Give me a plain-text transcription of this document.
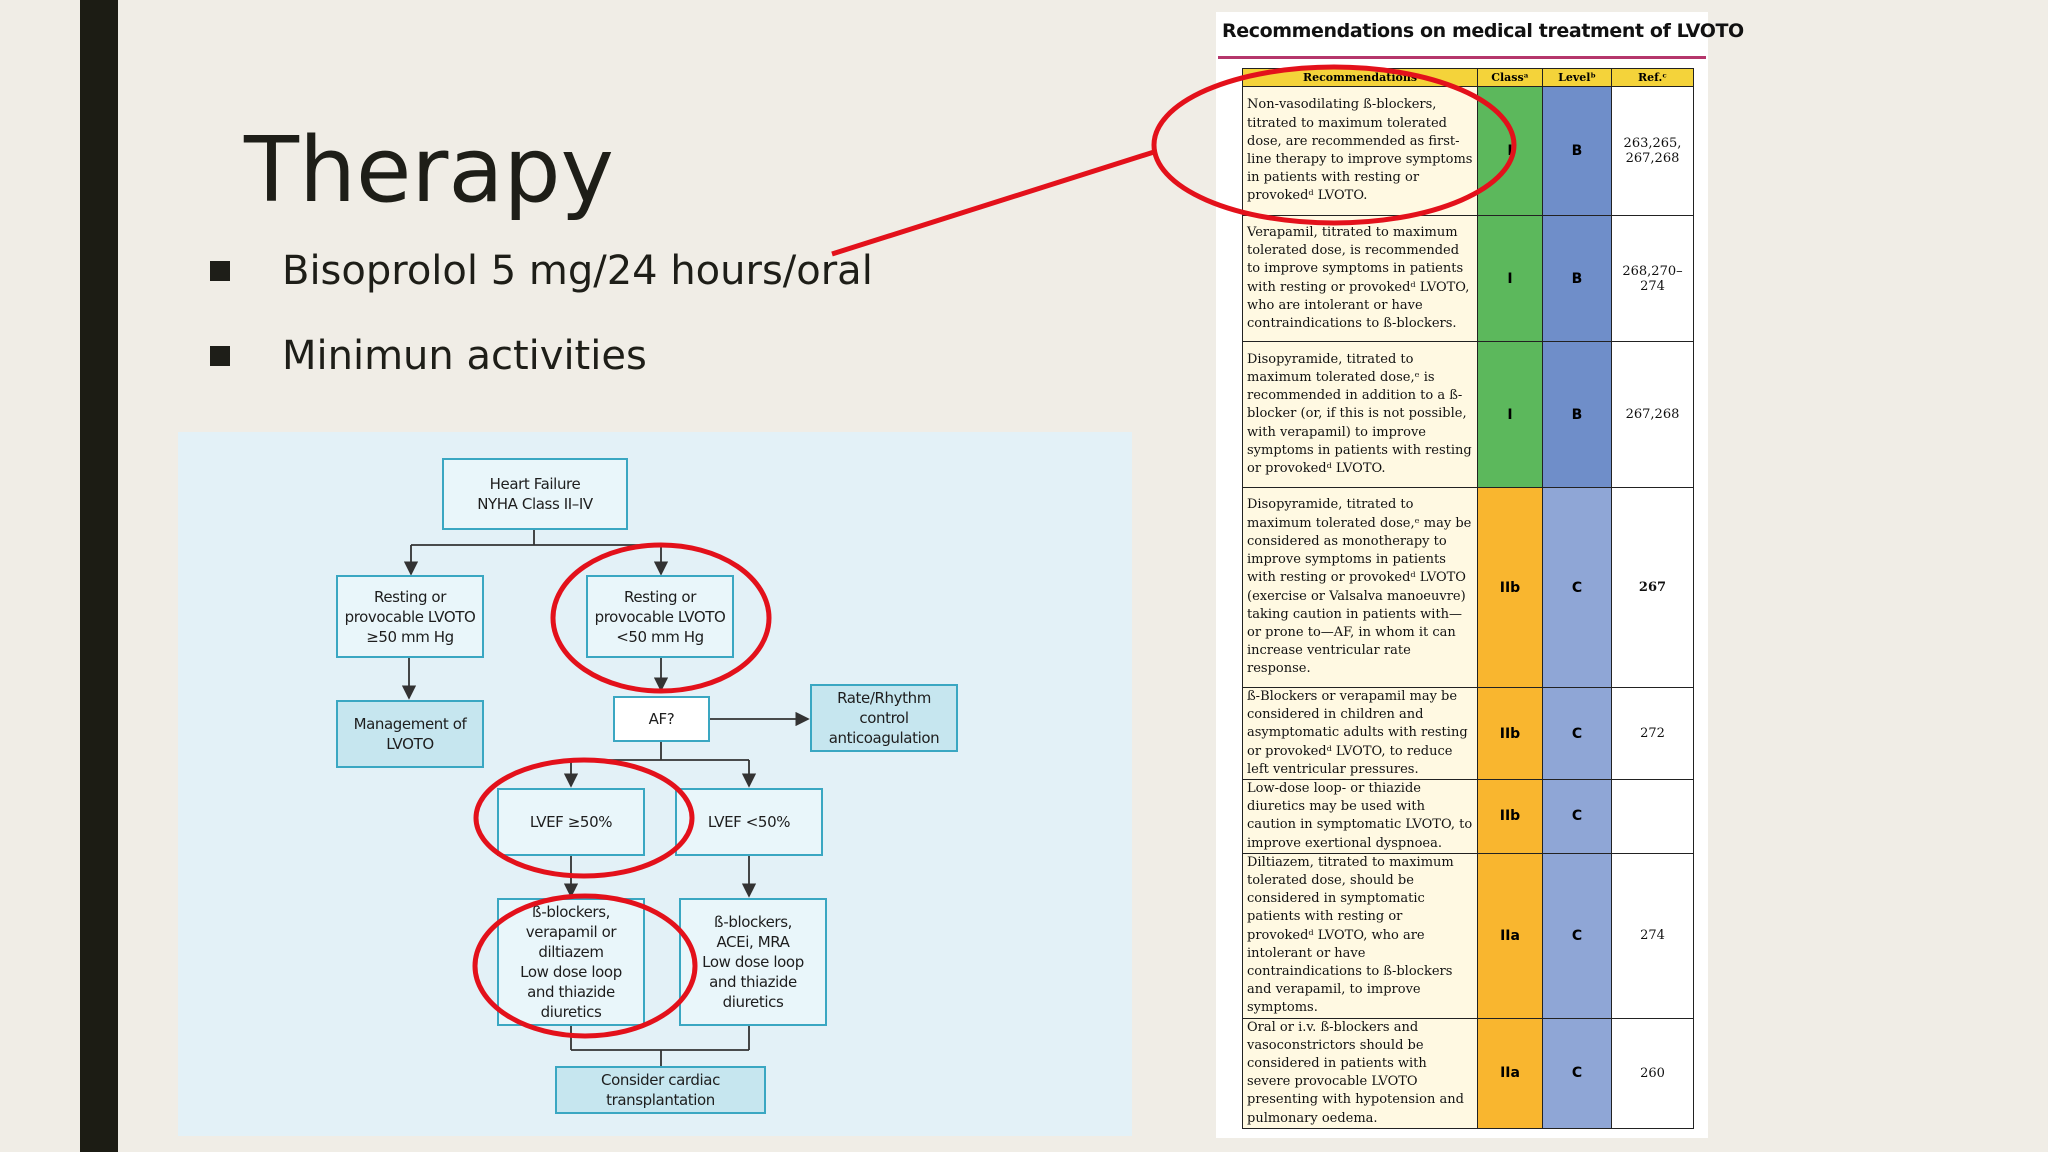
Therapy
Bisoprolol 5 mg/24 hours/oral
Minimun activities
Heart Failure
NYHA Class II–IV
Resting or
provocable LVOTO
≥50 mm Hg
Resting or
provocable LVOTO
<50 mm Hg
Management of
LVOTO
AF?
Rate/Rhythm
control
anticoagulation
LVEF ≥50%	LVEF <50%
ß-blockers,
verapamil or
diltiazem
Low dose loop
and thiazide
diuretics
ß-blockers,
ACEi, MRA
Low dose loop
and thiazide
diuretics
Consider cardiac
transplantation
Recommendations on medical treatment of LVOTO
Recommendations	Classᵃ	Levelᵇ	Ref.ᶜ
Non-vasodilating ß-blockers, titrated to maximum tolerated dose, are recommended as first-line therapy to improve symptoms in patients with resting or provokedᵈ LVOTO.	I	B	263,265,
267,268
Verapamil, titrated to maximum tolerated dose, is recommended to improve symptoms in patients with resting or provokedᵈ LVOTO, who are intolerant or have contraindications to ß-blockers.	I	B	268,270–274
Disopyramide, titrated to maximum tolerated dose,ᵉ is recommended in addition to a ß-blocker (or, if this is not possible, with verapamil) to improve symptoms in patients with resting or provokedᵈ LVOTO.	I	B	267,268
Disopyramide, titrated to maximum tolerated dose,ᵉ may be considered as monotherapy to improve symptoms in patients with resting or provokedᵈ LVOTO (exercise or Valsalva manoeuvre) taking caution in patients with—or prone to—AF, in whom it can increase ventricular rate response.	IIb	C	267
ß-Blockers or verapamil may be considered in children and asymptomatic adults with resting or provokedᵈ LVOTO, to reduce left ventricular pressures.	IIb	C	272
Low-dose loop- or thiazide diuretics may be used with caution in symptomatic LVOTO, to improve exertional dyspnoea.	IIb	C	
Diltiazem, titrated to maximum tolerated dose, should be considered in symptomatic patients with resting or provokedᵈ LVOTO, who are intolerant or have contraindications to ß-blockers and verapamil, to improve symptoms.	IIa	C	274
Oral or i.v. ß-blockers and vasoconstrictors should be considered in patients with severe provocable LVOTO presenting with hypotension and pulmonary oedema.	IIa	C	260
